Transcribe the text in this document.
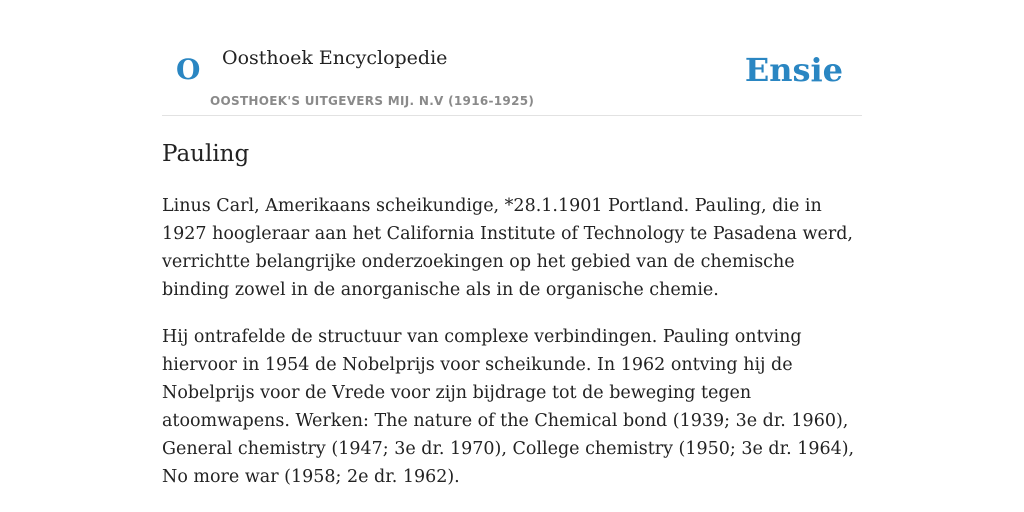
O Oosthoek Encyclopedie
OOSTHOEK'S UITGEVERS MIJ. N.V (1916-1925)
Ensie
Pauling

Linus Carl, Amerikaans scheikundige, *28.1.1901 Portland. Pauling, die in 1927 hoogleraar aan het California Institute of Technology te Pasadena werd, verrichtte belangrijke onderzoekingen op het gebied van de chemische binding zowel in de anorganische als in de organische chemie.

Hij ontrafelde de structuur van complexe verbindingen. Pauling ontving hiervoor in 1954 de Nobelprijs voor scheikunde. In 1962 ontving hij de Nobelprijs voor de Vrede voor zijn bijdrage tot de beweging tegen atoomwapens. Werken: The nature of the Chemical bond (1939; 3e dr. 1960), General chemistry (1947; 3e dr. 1970), College chemistry (1950; 3e dr. 1964), No more war (1958; 2e dr. 1962).
